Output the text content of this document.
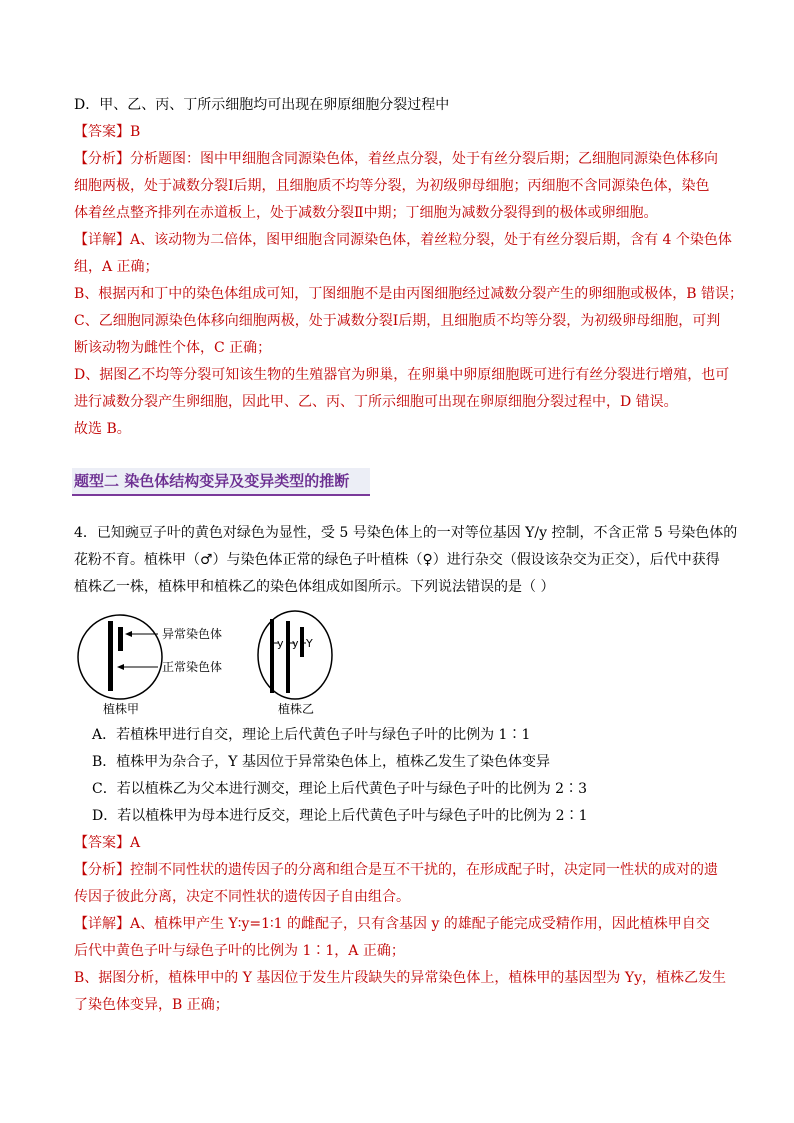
D．甲、乙、丙、丁所示细胞均可出现在卵原细胞分裂过程中
【答案】B
【分析】分析题图：图中甲细胞含同源染色体，着丝点分裂，处于有丝分裂后期；乙细胞同源染色体移向
细胞两极，处于减数分裂Ⅰ后期，且细胞质不均等分裂，为初级卵母细胞；丙细胞不含同源染色体，染色
体着丝点整齐排列在赤道板上，处于减数分裂Ⅱ中期；丁细胞为减数分裂得到的极体或卵细胞。
【详解】A、该动物为二倍体，图甲细胞含同源染色体，着丝粒分裂，处于有丝分裂后期，含有 4 个染色体
组，A 正确；
B、根据丙和丁中的染色体组成可知，丁图细胞不是由丙图细胞经过减数分裂产生的卵细胞或极体，B 错误；
C、乙细胞同源染色体移向细胞两极，处于减数分裂Ⅰ后期，且细胞质不均等分裂，为初级卵母细胞，可判
断该动物为雌性个体，C 正确；
D、据图乙不均等分裂可知该生物的生殖器官为卵巢，在卵巢中卵原细胞既可进行有丝分裂进行增殖，也可
进行减数分裂产生卵细胞，因此甲、乙、丙、丁所示细胞可出现在卵原细胞分裂过程中，D 错误。
故选 B。
题型二 染色体结构变异及变异类型的推断
4．已知豌豆子叶的黄色对绿色为显性，受 5 号染色体上的一对等位基因 Y/y 控制，不含正常 5 号染色体的
花粉不育。植株甲（♂）与染色体正常的绿色子叶植株（♀）进行杂交（假设该杂交为正交），后代中获得
植株乙一株，植株甲和植株乙的染色体组成如图所示。下列说法错误的是（ ）
异常染色体
正常染色体
植株甲
y y Y
植株乙
A．若植株甲进行自交，理论上后代黄色子叶与绿色子叶的比例为 1∶1
B．植株甲为杂合子，Y 基因位于异常染色体上，植株乙发生了染色体变异
C．若以植株乙为父本进行测交，理论上后代黄色子叶与绿色子叶的比例为 2∶3
D．若以植株甲为母本进行反交，理论上后代黄色子叶与绿色子叶的比例为 2∶1
【答案】A
【分析】控制不同性状的遗传因子的分离和组合是互不干扰的，在形成配子时，决定同一性状的成对的遗
传因子彼此分离，决定不同性状的遗传因子自由组合。
【详解】A、植株甲产生 Y∶y=1∶1 的雌配子，只有含基因 y 的雄配子能完成受精作用，因此植株甲自交
后代中黄色子叶与绿色子叶的比例为 1∶1，A 正确；
B、据图分析，植株甲中的 Y 基因位于发生片段缺失的异常染色体上，植株甲的基因型为 Yy，植株乙发生
了染色体变异，B 正确；
